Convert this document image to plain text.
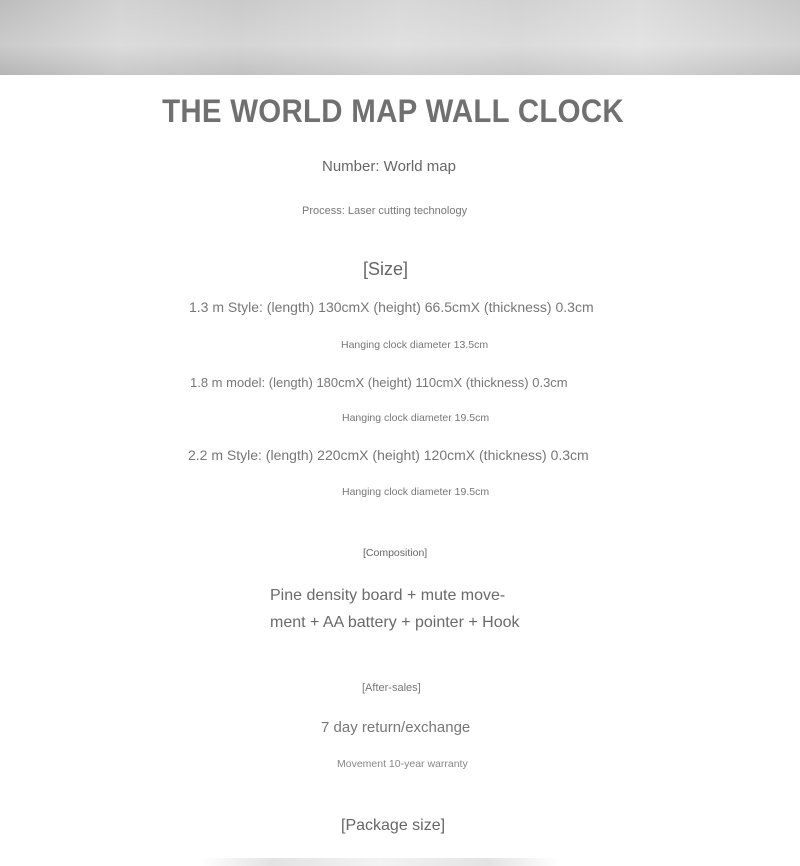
THE WORLD MAP WALL CLOCK
Number: World map
Process: Laser cutting technology
[Size]
1.3 m Style: (length) 130cmX (height) 66.5cmX (thickness) 0.3cm
Hanging clock diameter 13.5cm
1.8 m model: (length) 180cmX (height) 110cmX (thickness) 0.3cm
Hanging clock diameter 19.5cm
2.2 m Style: (length) 220cmX (height) 120cmX (thickness) 0.3cm
Hanging clock diameter 19.5cm
[Composition]
Pine density board + mute move-
ment + AA battery + pointer + Hook
[After-sales]
7 day return/exchange
Movement 10-year warranty
[Package size]
